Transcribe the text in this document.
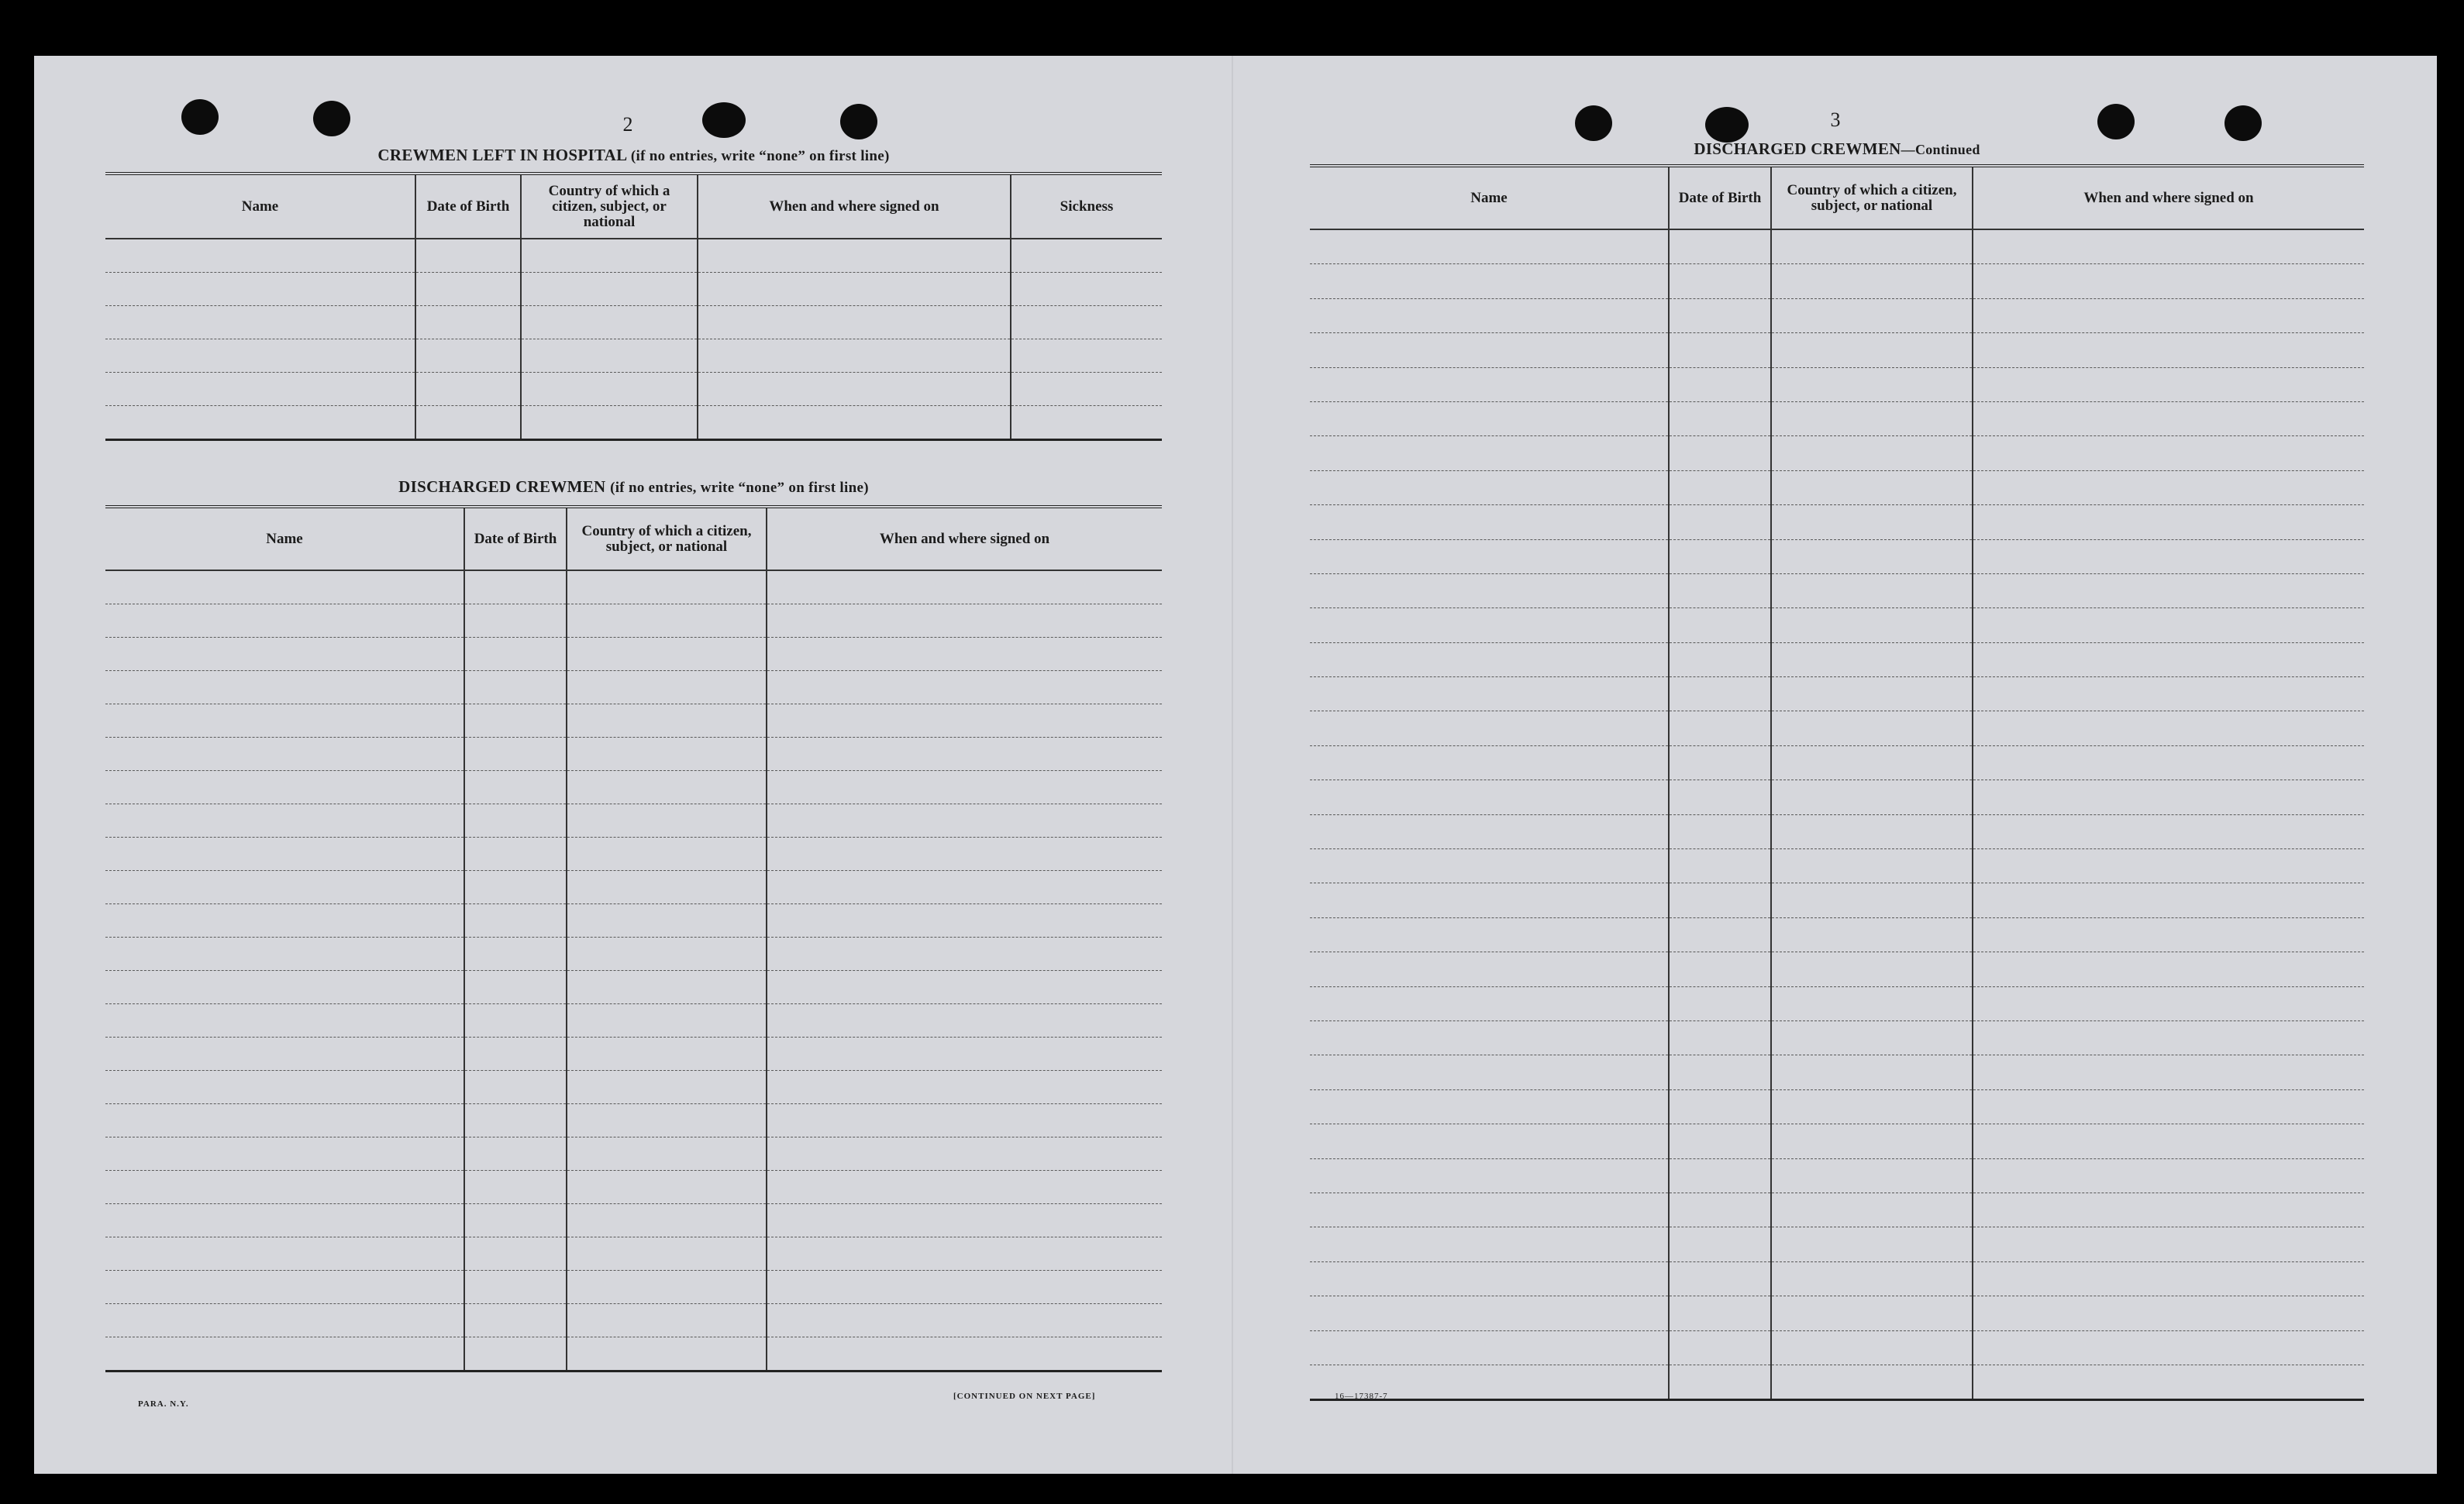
2
CREWMEN LEFT IN HOSPITAL (if no entries, write “none” on first line)
Name	Date of Birth	Country of which a citizen, subject, or national	When and where signed on	Sickness

DISCHARGED CREWMEN (if no entries, write “none” on first line)
Name	Date of Birth	Country of which a citizen, subject, or national	When and where signed on

PARA. N.Y.
[CONTINUED ON NEXT PAGE]
3
DISCHARGED CREWMEN—Continued
Name	Date of Birth	Country of which a citizen, subject, or national	When and where signed on

16—17387-7
